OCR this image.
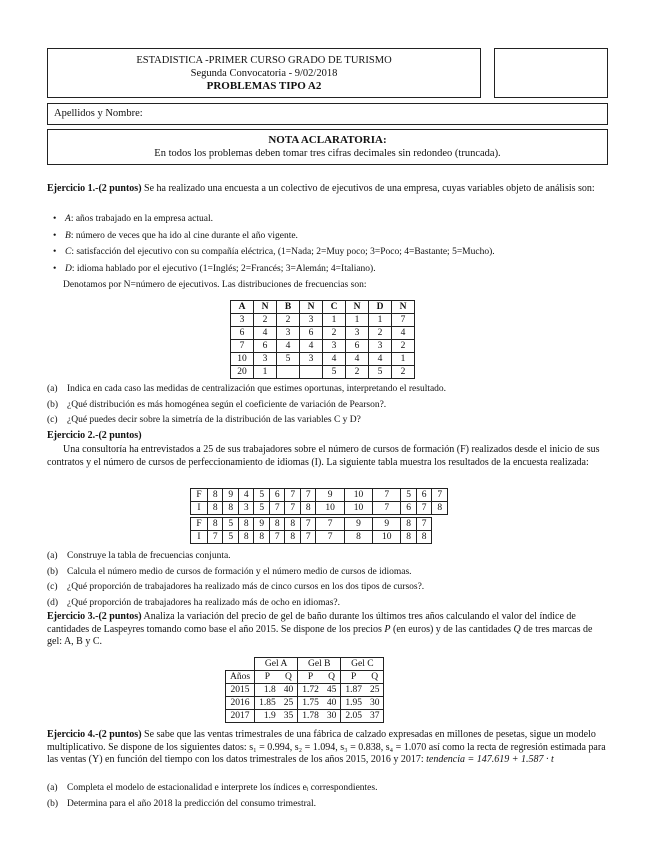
ESTADISTICA -PRIMER CURSO GRADO DE TURISMO
Segunda Convocatoria - 9/02/2018
PROBLEMAS TIPO A2
Apellidos y Nombre:
NOTA ACLARATORIA:
En todos los problemas deben tomar tres cifras decimales sin redondeo (truncada).
Ejercicio 1.-(2 puntos) Se ha realizado una encuesta a un colectivo de ejecutivos de una empresa, cuyas variables objeto de análisis son:
• A: años trabajado en la empresa actual.
• B: número de veces que ha ido al cine durante el año vigente.
• C: satisfacción del ejecutivo con su compañía eléctrica, (1=Nada; 2=Muy poco; 3=Poco; 4=Bastante; 5=Mucho).
• D: idioma hablado por el ejecutivo (1=Inglés; 2=Francés; 3=Alemán; 4=Italiano).
Denotamos por N=número de ejecutivos. Las distribuciones de frecuencias son:
A	N	B	N	C	N	D	N
3	2	2	3	1	1	1	7
6	4	3	6	2	3	2	4
7	6	4	4	3	6	3	2
10	3	5	3	4	4	4	1
20	1			5	2	5	2
(a) Indica en cada caso las medidas de centralización que estimes oportunas, interpretando el resultado.
(b) ¿Qué distribución es más homogénea según el coeficiente de variación de Pearson?.
(c) ¿Qué puedes decir sobre la simetría de la distribución de las variables C y D?
Ejercicio 2.-(2 puntos)
Una consultoría ha entrevistados a 25 de sus trabajadores sobre el número de cursos de formación (F) realizados desde el inicio de sus contratos y el número de cursos de perfeccionamiento de idiomas (I). La siguiente tabla muestra los resultados de la encuesta realizada:
F	8	9	4	5	6	7	7	9	10	7	5	6	7
I	8	8	3	5	7	7	8	10	10	7	6	7	8

F	8	5	8	9	8	8	7	7	9	9	8	7	
I	7	5	8	8	7	8	7	7	8	10	8	8	
(a) Construye la tabla de frecuencias conjunta.
(b) Calcula el número medio de cursos de formación y el número medio de cursos de idiomas.
(c) ¿Qué proporción de trabajadores ha realizado más de cinco cursos en los dos tipos de cursos?.
(d) ¿Qué proporción de trabajadores ha realizado más de ocho en idiomas?.
Ejercicio 3.-(2 puntos) Analiza la variación del precio de gel de baño durante los últimos tres años calculando el valor del índice de cantidades de Laspeyres tomando como base el año 2015. Se dispone de los precios P (en euros) y de las cantidades Q de tres marcas de gel: A, B y C.
	Gel A		Gel B		Gel C	
Años	P	Q	P	Q	P	Q
2015	1.8	40	1.72	45	1.87	25
2016	1.85	25	1.75	40	1.95	30
2017	1.9	35	1.78	30	2.05	37
Ejercicio 4.-(2 puntos) Se sabe que las ventas trimestrales de una fábrica de calzado expresadas en millones de pesetas, sigue un modelo multiplicativo. Se dispone de los siguientes datos: s₁ = 0.994, s₂ = 1.094, s₃ = 0.838, s₄ = 1.070 así como la recta de regresión estimada para las ventas (Y) en función del tiempo con los datos trimestrales de los años 2015, 2016 y 2017: tendencia = 147.619 + 1.587 · t
(a) Completa el modelo de estacionalidad e interprete los índices eᵢ correspondientes.
(b) Determina para el año 2018 la predicción del consumo trimestral.
